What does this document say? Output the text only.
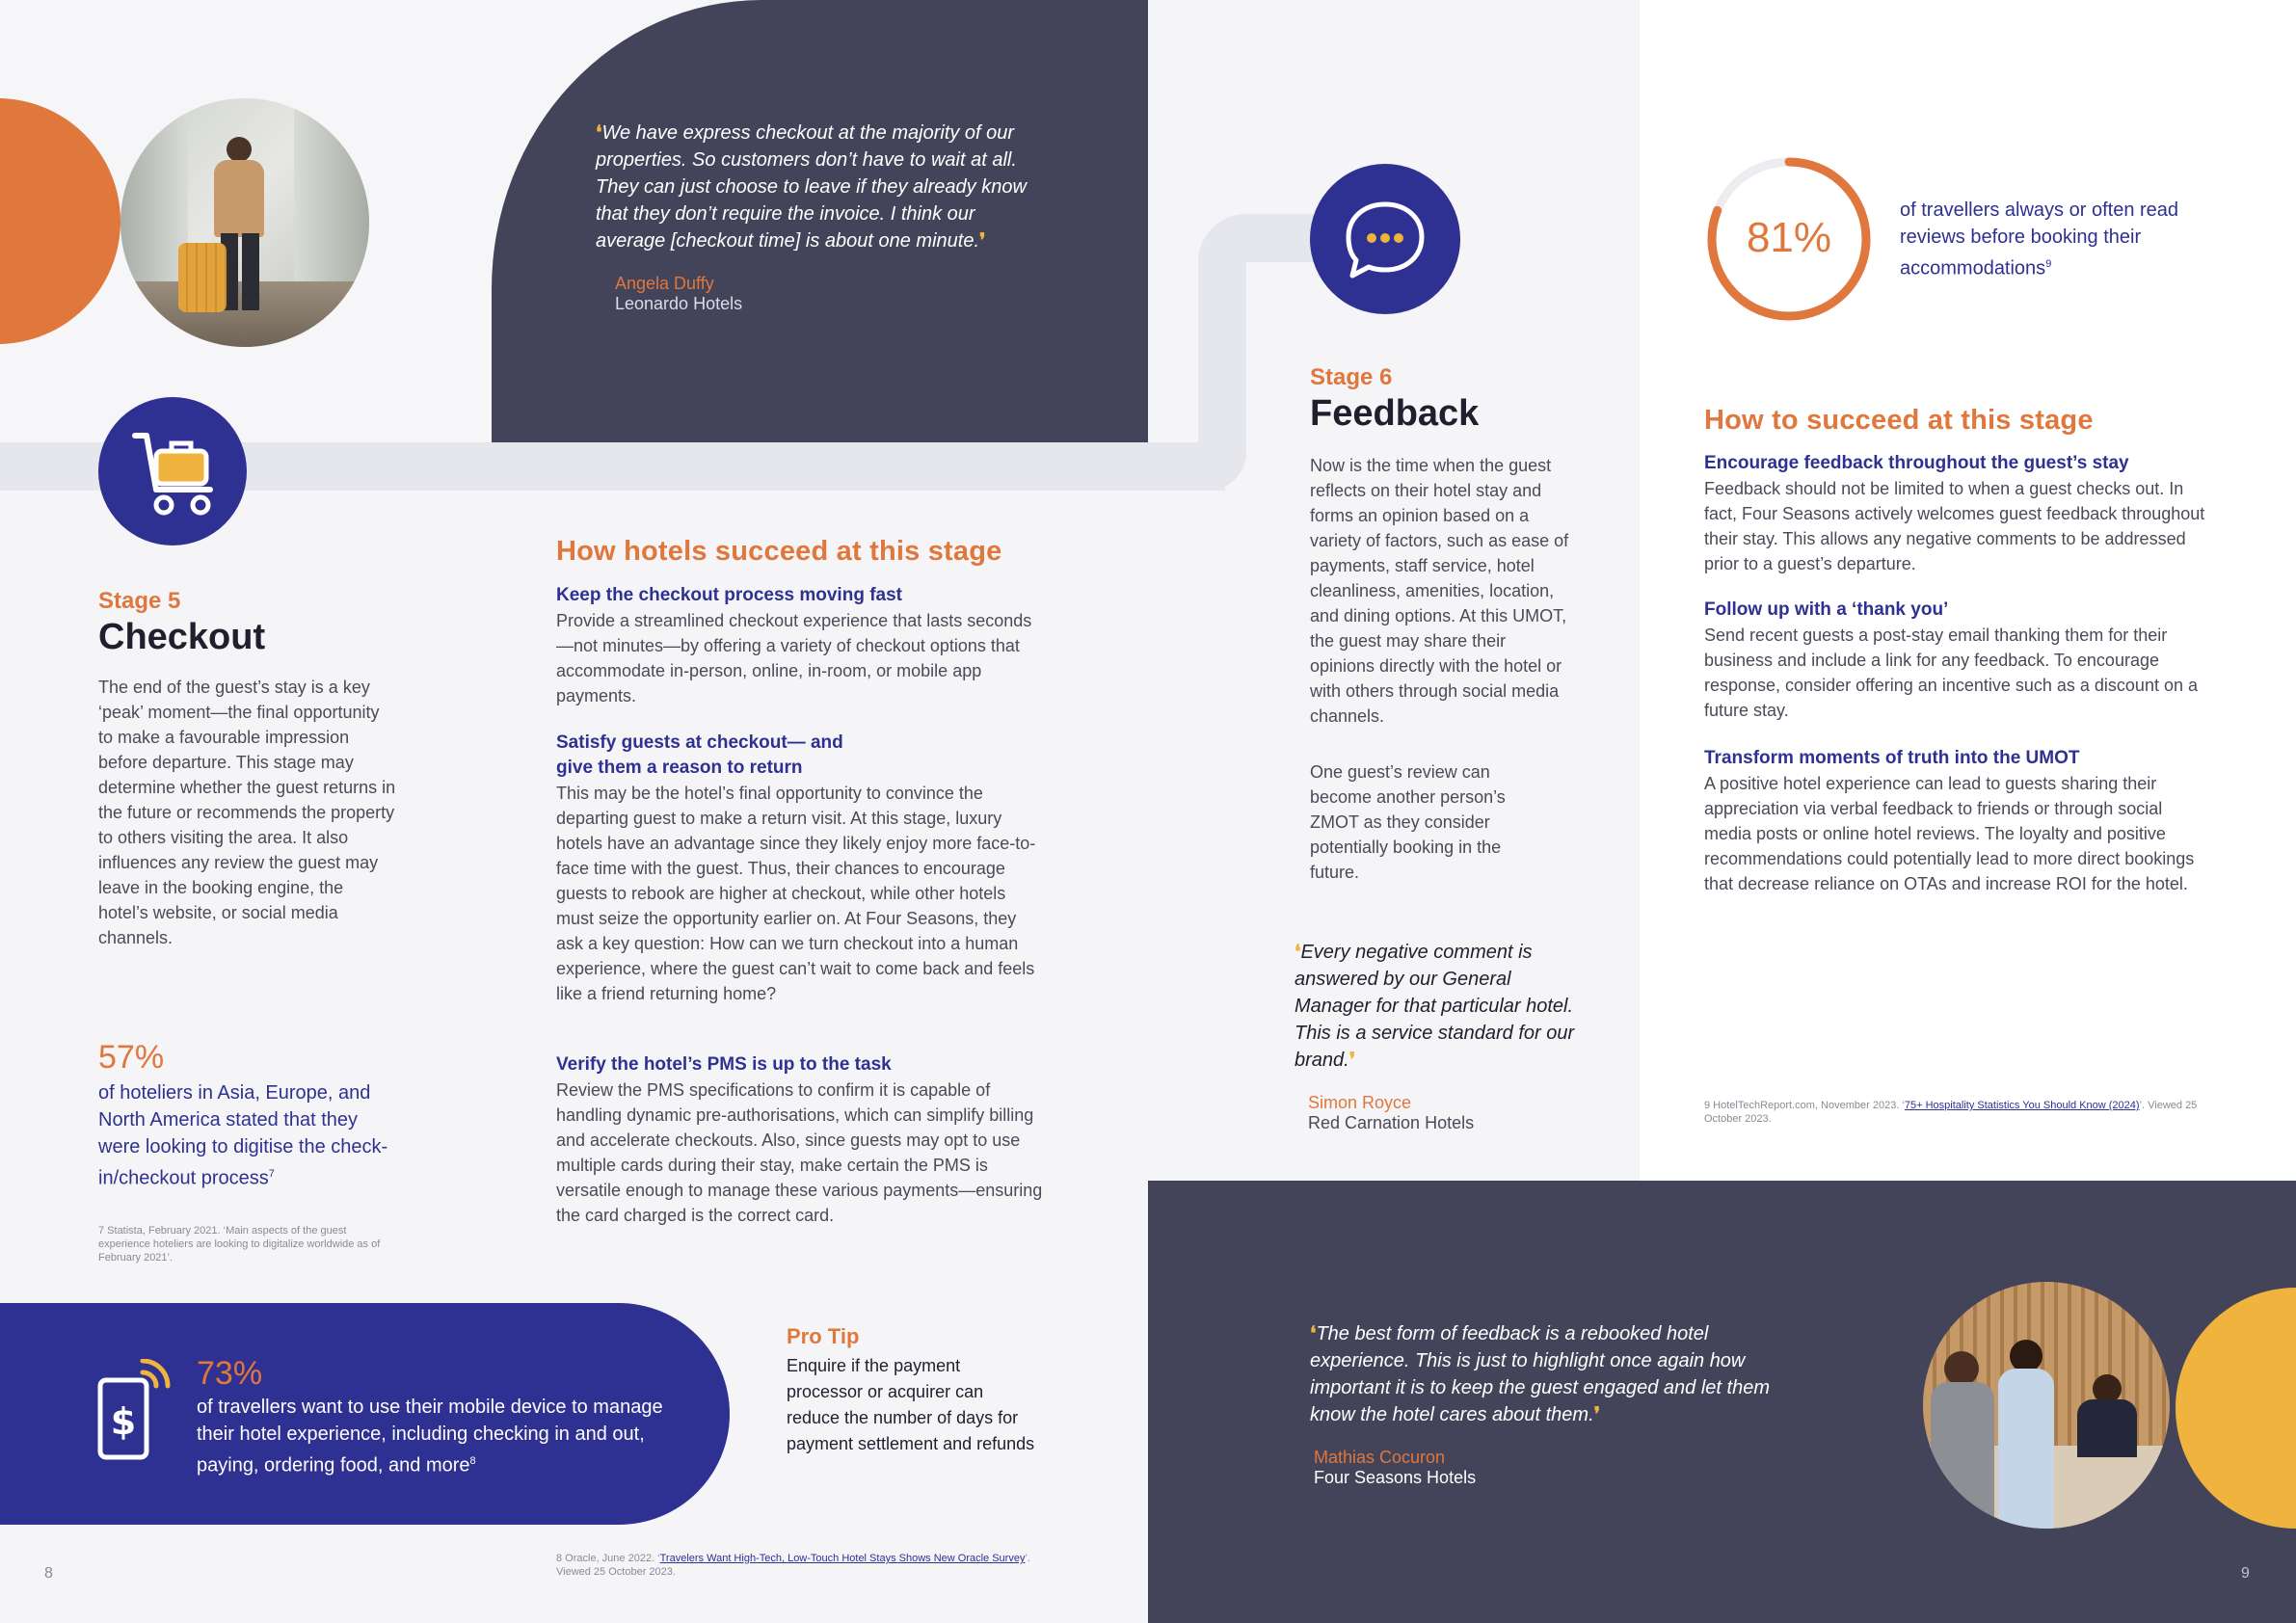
❛We have express checkout at the majority of our properties. So customers don’t have to wait at all. They can just choose to leave if they already know that they don’t require the invoice. I think our average [checkout time] is about one minute.❜

Angela Duffy
Leonardo Hotels
Stage 5
Checkout

The end of the guest’s stay is a key ‘peak’ moment—the final opportunity to make a favourable impression before departure. This stage may determine whether the guest returns in the future or recommends the property to others visiting the area. It also influences any review the guest may leave in the booking engine, the hotel’s website, or social media channels.

57%
of hoteliers in Asia, Europe, and North America stated that they were looking to digitise the check-in/checkout process$^7$
7 Statista, February 2021. ‘Main aspects of the guest experience hoteliers are looking to digitalize worldwide as of February 2021’.
How hotels succeed at this stage
Keep the checkout process moving fast

Provide a streamlined checkout experience that lasts seconds—not minutes—by offering a variety of checkout options that accommodate in-person, online, in-room, or mobile app payments.

Satisfy guests at checkout— and give them a reason to return

This may be the hotel’s final opportunity to convince the departing guest to make a return visit. At this stage, luxury hotels have an advantage since they likely enjoy more face-to-face time with the guest. Thus, their chances to encourage guests to rebook are higher at checkout, while other hotels must seize the opportunity earlier on. At Four Seasons, they ask a key question: How can we turn checkout into a human experience, where the guest can’t wait to come back and feels like a friend returning home?

Verify the hotel’s PMS is up to the task

Review the PMS specifications to confirm it is capable of handling dynamic pre-authorisations, which can simplify billing and accelerate checkouts. Also, since guests may opt to use multiple cards during their stay, make certain the PMS is versatile enough to manage these various payments—ensuring the card charged is the correct card.

$
73%
of travellers want to use their mobile device to manage their hotel experience, including checking in and out, paying, ordering food, and more$^8$
Pro Tip

Enquire if the payment processor or acquirer can reduce the number of days for payment settlement and refunds

8 Oracle, June 2022. ‘Travelers Want High-Tech, Low-Touch Hotel Stays Shows New Oracle Survey’. Viewed 25 October 2023.
8
Stage 6
Feedback

Now is the time when the guest reflects on their hotel stay and forms an opinion based on a variety of factors, such as ease of payments, staff service, hotel cleanliness, amenities, location, and dining options. At this UMOT, the guest may share their opinions directly with the hotel or with others through social media channels.

One guest’s review can become another person’s ZMOT as they consider potentially booking in the future.

❛Every negative comment is answered by our General Manager for that particular hotel. This is a service standard for our brand.❜

Simon Royce
Red Carnation Hotels
81%
of travellers always or often read reviews before booking their accommodations$^9$
How to succeed at this stage
Encourage feedback throughout the guest’s stay

Feedback should not be limited to when a guest checks out. In fact, Four Seasons actively welcomes guest feedback throughout their stay. This allows any negative comments to be addressed prior to a guest’s departure.

Follow up with a ‘thank you’

Send recent guests a post-stay email thanking them for their business and include a link for any feedback. To encourage response, consider offering an incentive such as a discount on a future stay.

Transform moments of truth into the UMOT

A positive hotel experience can lead to guests sharing their appreciation via verbal feedback to friends or through social media posts or online hotel reviews. The loyalty and positive recommendations could potentially lead to more direct bookings that decrease reliance on OTAs and increase ROI for the hotel.

9 HotelTechReport.com, November 2023. ‘75+ Hospitality Statistics You Should Know (2024)’. Viewed 25 October 2023.

❛The best form of feedback is a rebooked hotel experience. This is just to highlight once again how important it is to keep the guest engaged and let them know the hotel cares about them.❜

Mathias Cocuron
Four Seasons Hotels
9
